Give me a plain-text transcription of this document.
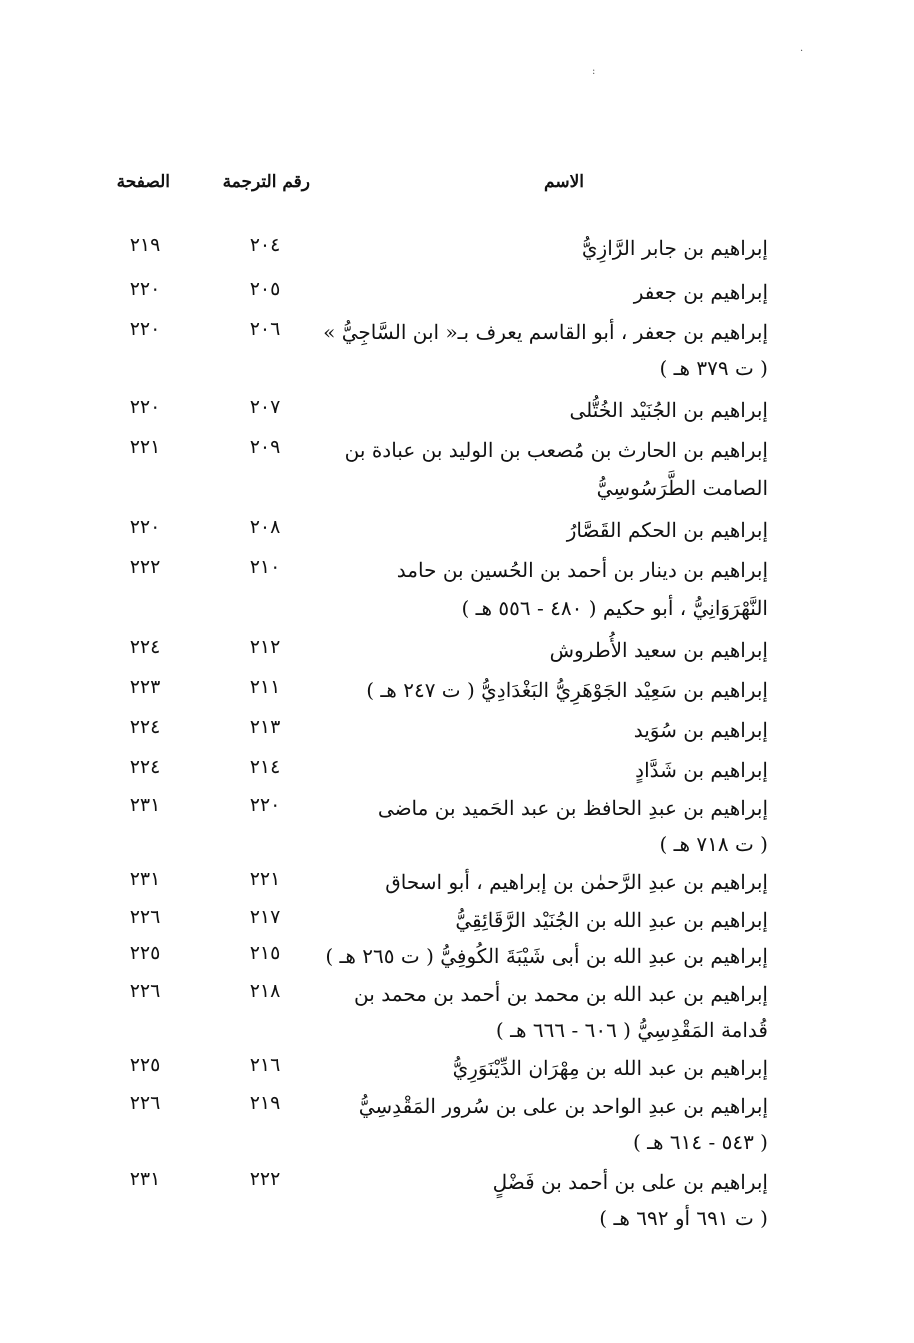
·
:
الاسم
رقم الترجمة
الصفحة
إبراهيم بن جابر الرَّازِيُّ
٢٠٤
٢١٩
إبراهيم بن جعفر
٢٠٥
٢٢٠
إبراهيم بن جعفر ، أبو القاسم يعرف بـ« ابن السَّاجِيُّ »
( ت ٣٧٩ هـ )
٢٠٦
٢٢٠
إبراهيم بن الجُنَيْد الخُتُّلى
٢٠٧
٢٢٠
إبراهيم بن الحارث بن مُصعب بن الوليد بن عبادة بن
الصامت الطَّرَسُوسِيُّ
٢٠٩
٢٢١
إبراهيم بن الحكم القَصَّارُ
٢٠٨
٢٢٠
إبراهيم بن دينار بن أحمد بن الحُسين بن حامد
النَّهْرَوَانِيُّ ، أبو حكيم ( ٤٨٠ - ٥٥٦ هـ )
٢١٠
٢٢٢
إبراهيم بن سعيد الأُطروش
٢١٢
٢٢٤
إبراهيم بن سَعِيْد الجَوْهَرِيُّ البَغْدَادِيُّ ( ت ٢٤٧ هـ )
٢١١
٢٢٣
إبراهيم بن سُوَيد
٢١٣
٢٢٤
إبراهيم بن شَدَّادٍ
٢١٤
٢٢٤
إبراهيم بن عبدِ الحافظ بن عبد الحَميد بن ماضى
( ت ٧١٨ هـ )
٢٢٠
٢٣١
إبراهيم بن عبدِ الرَّحمٰن بن إبراهيم ، أبو اسحاق
٢٢١
٢٣١
إبراهيم بن عبدِ الله بن الجُنَيْد الرَّقَائِقِيُّ
٢١٧
٢٢٦
إبراهيم بن عبدِ الله بن أبى شَيْبَةَ الكُوفِيُّ ( ت ٢٦٥ هـ )
٢١٥
٢٢٥
إبراهيم بن عبد الله بن محمد بن أحمد بن محمد بن
قُدامة المَقْدِسِيُّ ( ٦٠٦ - ٦٦٦ هـ )
٢١٨
٢٢٦
إبراهيم بن عبد الله بن مِهْرَان الدِّيْنَوَرِيُّ
٢١٦
٢٢٥
إبراهيم بن عبدِ الواحد بن على بن سُرور المَقْدِسِيُّ
( ٥٤٣ - ٦١٤ هـ )
٢١٩
٢٢٦
إبراهيم بن على بن أحمد بن فَضْلٍ
( ت ٦٩١ أو ٦٩٢ هـ )
٢٢٢
٢٣١
